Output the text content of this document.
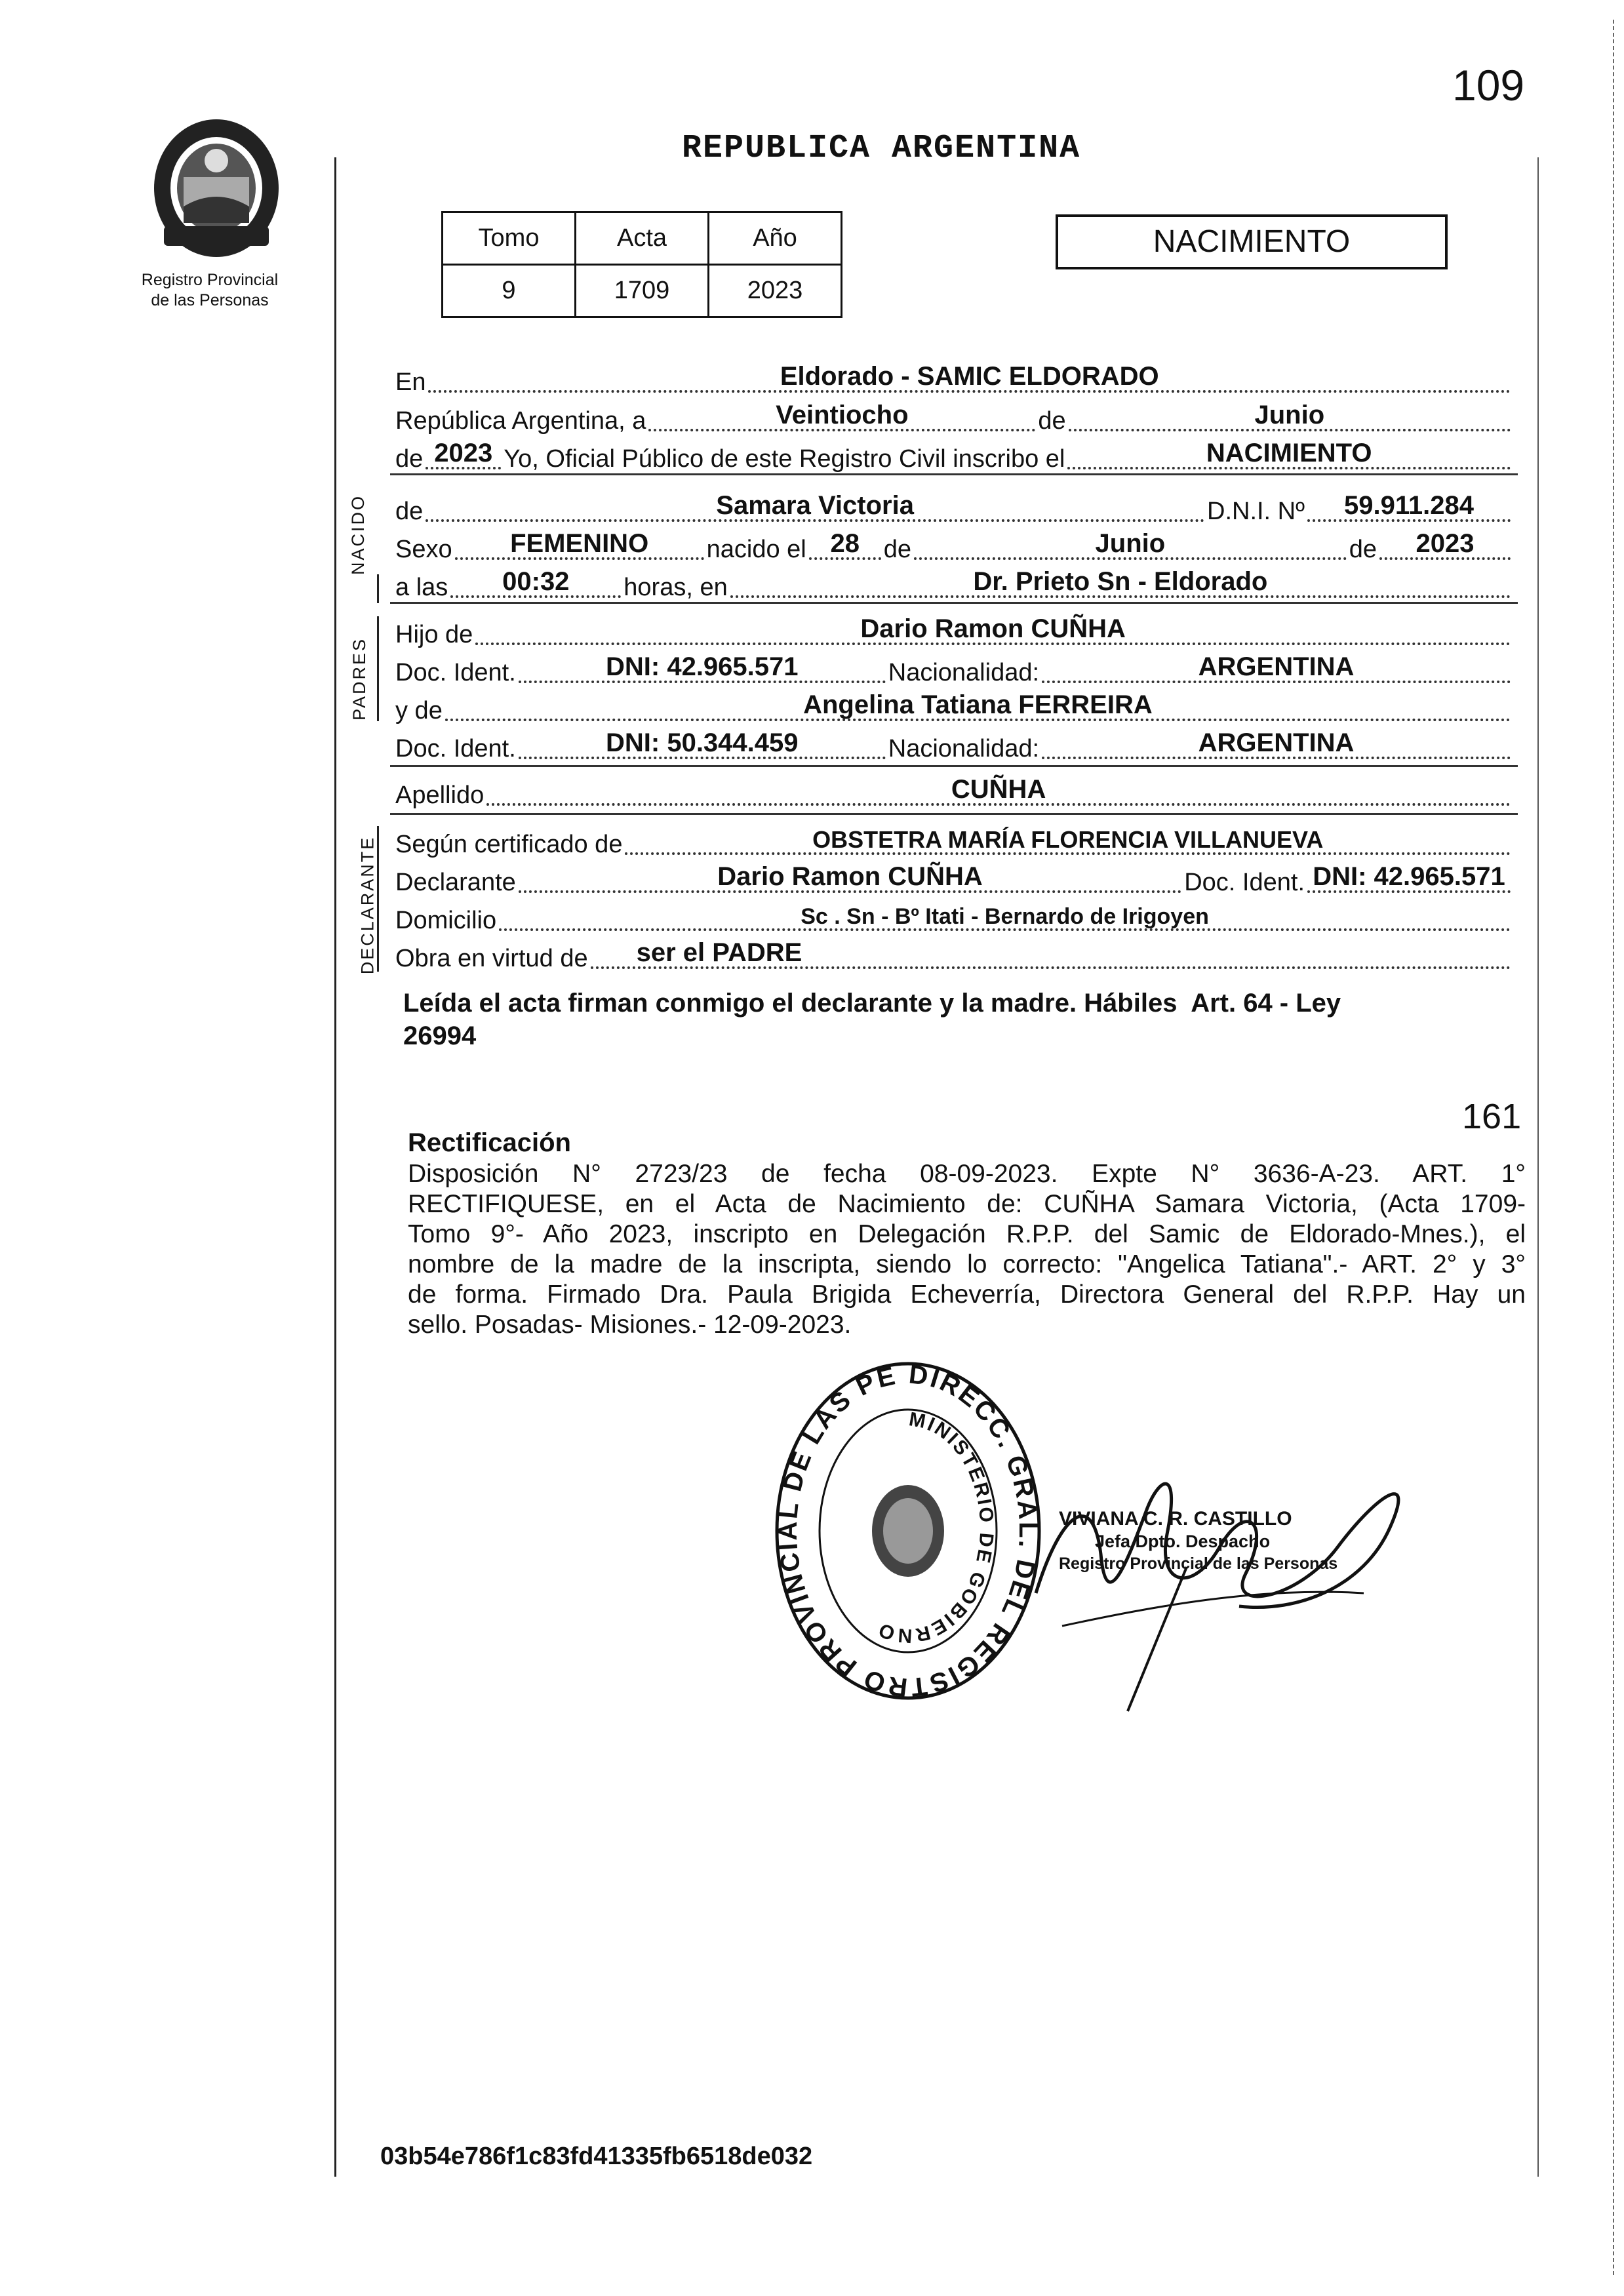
109
Registro Provincial
de las Personas
REPUBLICA ARGENTINA
Tomo	Acta	Año
9	1709	2023
NACIMIENTO
En	Eldorado - SAMIC ELDORADO
República Argentina, a	Veintiocho	de	Junio
de 2023 Yo, Oficial Público de este Registro Civil inscribo el	NACIMIENTO
NACIDO de	Samara Victoria	D.N.I. Nº	59.911.284
Sexo	FEMENINO	nacido el 28 de	Junio	de	2023
a las	00:32	horas, en	Dr. Prieto Sn - Eldorado
PADRES
Hijo de	Dario Ramon CUÑHA
Doc. Ident.	DNI: 42.965.571	Nacionalidad:	ARGENTINA
y de	Angelina Tatiana FERREIRA
Doc. Ident.	DNI: 50.344.459	Nacionalidad:	ARGENTINA
Apellido	CUÑHA
DECLARANTE Según certificado de	OBSTETRA MARÍA FLORENCIA VILLANUEVA
Declarante	Dario Ramon CUÑHA	Doc. Ident. DNI: 42.965.571
Domicilio	Sc . Sn - Bº Itati - Bernardo de Irigoyen
Obra en virtud de	ser el PADRE
Leída el acta firman conmigo el declarante y la madre. Hábiles  Art. 64 - Ley
26994
161
Rectificación
Disposición N° 2723/23 de fecha 08-09-2023. Expte N° 3636-A-23. ART. 1°
RECTIFIQUESE, en el Acta de Nacimiento de: CUÑHA Samara Victoria, (Acta 1709-
Tomo 9°- Año 2023, inscripto en Delegación R.P.P. del Samic de Eldorado-Mnes.), el
nombre de la madre de la inscripta, siendo lo correcto: "Angelica Tatiana".- ART. 2° y 3°
de forma. Firmado Dra. Paula Brigida Echeverría, Directora General del R.P.P. Hay un
sello. Posadas- Misiones.- 12-09-2023.
DIRECC. GRAL. DEL REGISTRO PROVINCIAL DE LAS PE
MINISTERIO DE GOBIERNO
VIVIANA C. R. CASTILLO
Jefa Dpto. Despacho
Registro Provincial de las Personas
03b54e786f1c83fd41335fb6518de032
